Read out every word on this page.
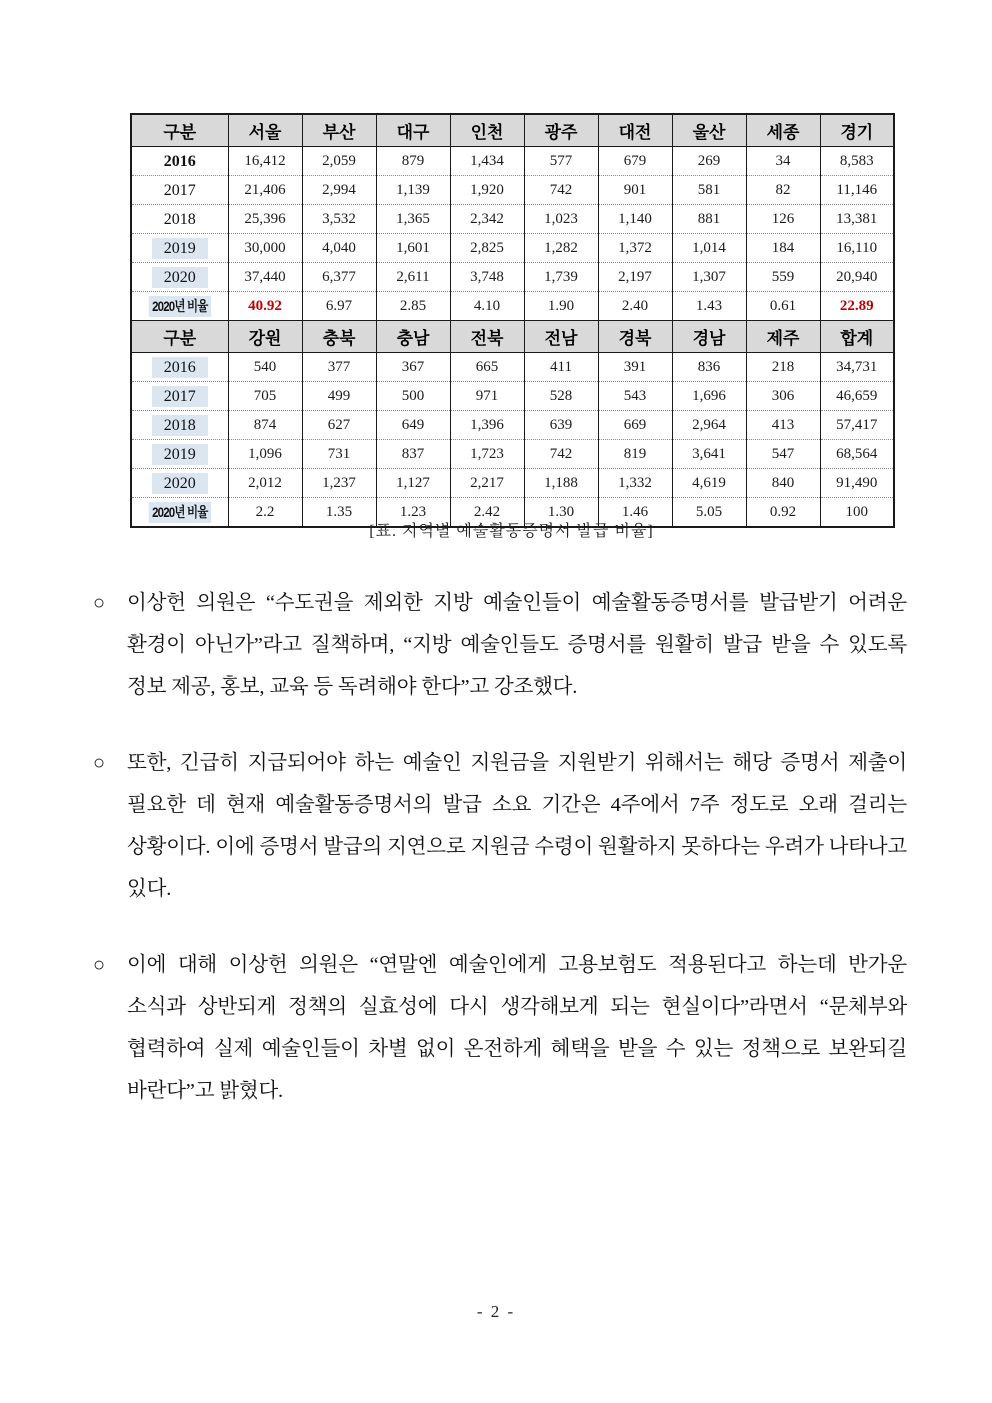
구분	서울	부산	대구	인천	광주	대전	울산	세종	경기
2016	16,412	2,059	879	1,434	577	679	269	34	8,583
2017	21,406	2,994	1,139	1,920	742	901	581	82	11,146
2018	25,396	3,532	1,365	2,342	1,023	1,140	881	126	13,381
2019	30,000	4,040	1,601	2,825	1,282	1,372	1,014	184	16,110
2020	37,440	6,377	2,611	3,748	1,739	2,197	1,307	559	20,940
2020년 비율	40.92	6.97	2.85	4.10	1.90	2.40	1.43	0.61	22.89
구분	강원	충북	충남	전북	전남	경북	경남	제주	합계
2016	540	377	367	665	411	391	836	218	34,731
2017	705	499	500	971	528	543	1,696	306	46,659
2018	874	627	649	1,396	639	669	2,964	413	57,417
2019	1,096	731	837	1,723	742	819	3,641	547	68,564
2020	2,012	1,237	1,127	2,217	1,188	1,332	4,619	840	91,490
2020년 비율	2.2	1.35	1.23	2.42	1.30	1.46	5.05	0.92	100
[표. 지역별 예술활동증명서 발급 비율]
○	이상헌 의원은 “수도권을 제외한 지방 예술인들이 예술활동증명서를 발급받기 어려운 환경이 아닌가”라고 질책하며, “지방 예술인들도 증명서를 원활히 발급 받을 수 있도록 정보 제공, 홍보, 교육 등 독려해야 한다”고 강조했다.
○	또한, 긴급히 지급되어야 하는 예술인 지원금을 지원받기 위해서는 해당 증명서 제출이 필요한 데 현재 예술활동증명서의 발급 소요 기간은 4주에서 7주 정도로 오래 걸리는 상황이다. 이에 증명서 발급의 지연으로 지원금 수령이 원활하지 못하다는 우려가 나타나고 있다.
○	이에 대해 이상헌 의원은 “연말엔 예술인에게 고용보험도 적용된다고 하는데 반가운 소식과 상반되게 정책의 실효성에 다시 생각해보게 되는 현실이다”라면서 “문체부와 협력하여 실제 예술인들이 차별 없이 온전하게 혜택을 받을 수 있는 정책으로 보완되길 바란다”고 밝혔다.
- 2 -
